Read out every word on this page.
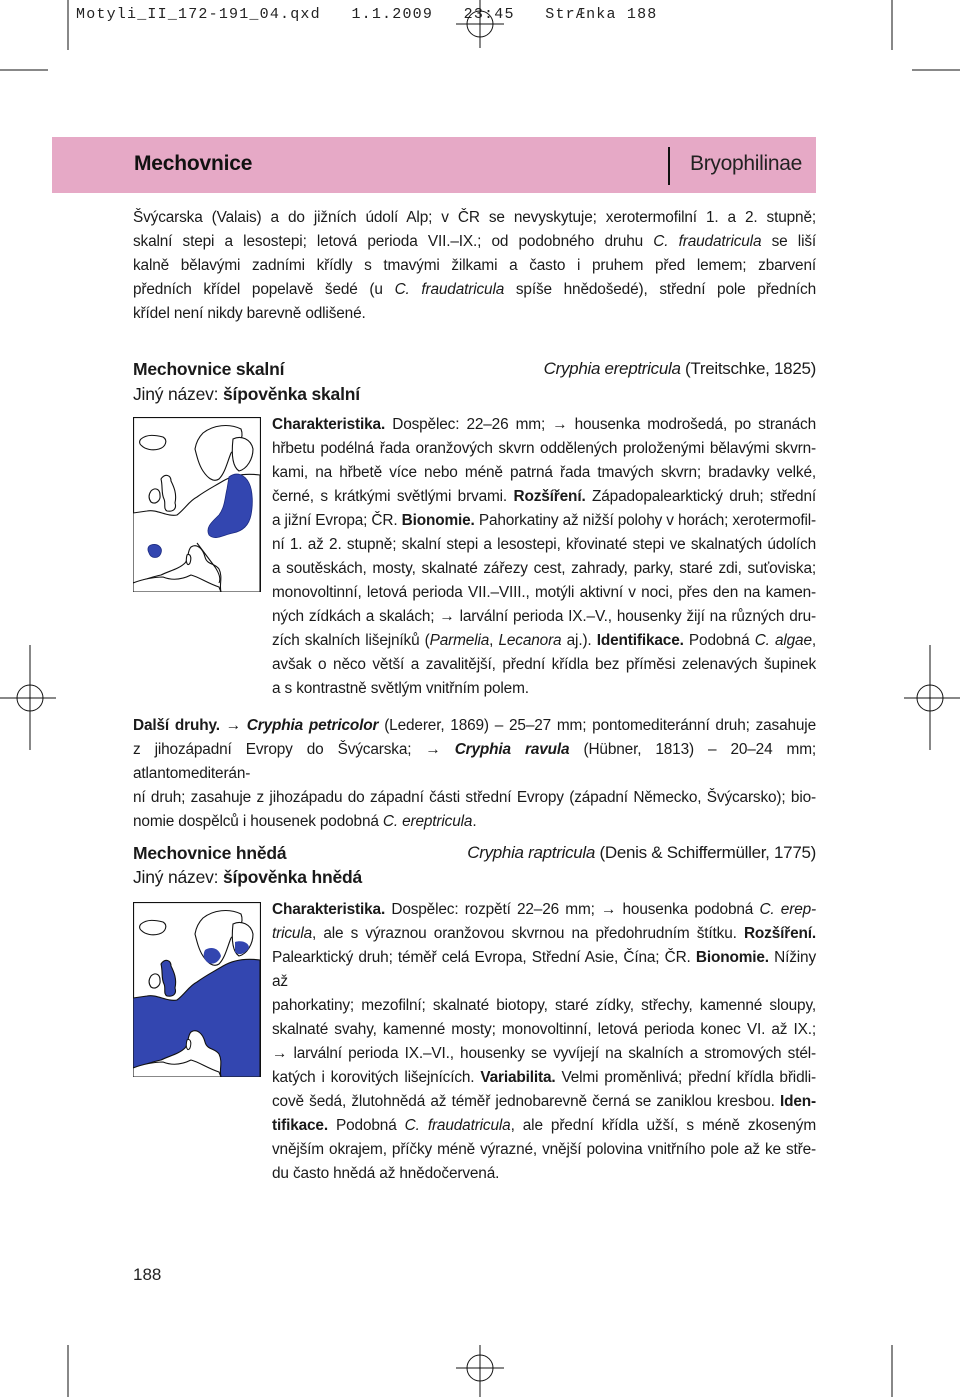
Motyli_II_172-191_04.qxd   1.1.2009   23:45   StrÆnka 188
Mechovnice	Bryophilinae

Švýcarska (Valais) a do jižních údolí Alp; v ČR se nevyskytuje; xerotermofilní 1. a 2. stupně;

skalní stepi a lesostepi; letová perioda VII.–IX.; od podobného druhu C. fraudatricula se liší

kalně bělavými zadními křídly s tmavými žilkami a často i pruhem před lemem; zbarvení

předních křídel popelavě šedé (u C. fraudatricula spíše hnědošedé), střední pole předních

křídel není nikdy barevně odlišené.

Mechovnice skalní	Cryphia ereptricula (Treitschke, 1825)
Jiný název: šípověnka skalní

Charakteristika. Dospělec: 22–26 mm; → housenka modrošedá, po stranách

hřbetu podélná řada oranžových skvrn oddělených proloženými bělavými skvrn-

kami, na hřbetě více nebo méně patrná řada tmavých skvrn; bradavky velké,

černé, s krátkými světlými brvami. Rozšíření. Západopalearktický druh; střední

a jižní Evropa; ČR. Bionomie. Pahorkatiny až nižší polohy v horách; xerotermofil-

ní 1. až 2. stupně; skalní stepi a lesostepi, křovinaté stepi ve skalnatých údolích

a soutěskách, mosty, skalnaté zářezy cest, zahrady, parky, staré zdi, suťoviska;

monovoltinní, letová perioda VII.–VIII., motýli aktivní v noci, přes den na kamen-

ných zídkách a skalách; → larvální perioda IX.–V., housenky žijí na různých dru-

zích skalních lišejníků (Parmelia, Lecanora aj.). Identifikace. Podobná C. algae,

avšak o něco větší a zavalitější, přední křídla bez příměsi zelenavých šupinek

a s kontrastně světlým vnitřním polem.

Další druhy. → Cryphia petricolor (Lederer, 1869) – 25–27 mm; pontomediteránní druh; zasahuje

z jihozápadní Evropy do Švýcarska; → Cryphia ravula (Hübner, 1813) – 20–24 mm; atlantomediterán-

ní druh; zasahuje z jihozápadu do západní části střední Evropy (západní Německo, Švýcarsko); bio-

nomie dospělců i housenek podobná C. ereptricula.

Mechovnice hnědá	Cryphia raptricula (Denis & Schiffermüller, 1775)
Jiný název: šípověnka hnědá

Charakteristika. Dospělec: rozpětí 22–26 mm; → housenka podobná C. erep-

tricula, ale s výraznou oranžovou skvrnou na předohrudním štítku. Rozšíření.

Palearktický druh; téměř celá Evropa, Střední Asie, Čína; ČR. Bionomie. Nížiny až

pahorkatiny; mezofilní; skalnaté biotopy, staré zídky, střechy, kamenné sloupy,

skalnaté svahy, kamenné mosty; monovoltinní, letová perioda konec VI. až IX.;

→ larvální perioda IX.–VI., housenky se vyvíjejí na skalních a stromových stél-

katých i korovitých lišejnících. Variabilita. Velmi proměnlivá; přední křídla břidli-

cově šedá, žlutohnědá až téměř jednobarevně černá se zaniklou kresbou. Iden-

tifikace. Podobná C. fraudatricula, ale přední křídla užší, s méně zkoseným

vnějším okrajem, příčky méně výrazné, vnější polovina vnitřního pole až ke stře-

du často hnědá až hnědočervená.

188
